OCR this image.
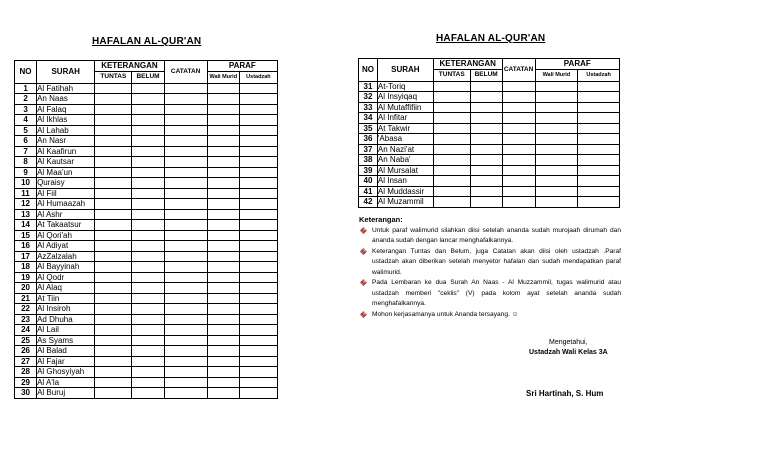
HAFALAN AL-QUR'AN
NO	SURAH	KETERANGAN		CATATAN	PARAF	
		TUNTAS	BELUM		Wali Murid	Ustadzah
1	Al Fatihah					
2	An Naas					
3	Al Falaq					
4	Al Ikhlas					
5	Al Lahab					
6	An Nasr					
7	Al Kaafirun					
8	Al Kautsar					
9	Al Maa'un					
10	Quraisy					
11	Al Fiil					
12	Al Humaazah					
13	Al Ashr					
14	At Takaatsur					
15	Al Qori'ah					
16	Al Adiyat					
17	AzZalzalah					
18	Al Bayyinah					
19	Al Qodr					
20	Al Alaq					
21	At Tiin					
22	Al Insiroh					
23	Ad Dhuha					
24	Al Lail					
25	As Syams					
26	Al Balad					
27	Al Fajar					
28	Al Ghosyiyah					
29	Al A'la					
30	Al Buruj					
HAFALAN AL-QUR'AN
NO	SURAH	KETERANGAN		CATATAN	PARAF	
		TUNTAS	BELUM		Wali Murid	Ustadzah
31	At-Toriq					
32	Al Insyiqaq					
33	Al Mutaffifiin					
34	Al Infitar					
35	At Takwir					
36	'Abasa					
37	An Nazi'at					
38	An Naba'					
39	Al Mursalat					
40	Al Insan					
41	Al Muddassir					
42	Al Muzammil					
Keterangan:
Untuk paraf walimurid silahkan diisi setelah ananda sudah murojaah dirumah dan ananda sudah dengan lancar menghafalkannya.
Keterangan Tuntas dan Belum, juga Catatan akan diisi oleh ustadzah .Paraf ustadzah akan diberikan setelah menyetor hafalan dan sudah mendapatkan paraf walimurid.
Pada Lembaran ke dua Surah An Naas - Al Muzzammil, tugas walimurid atau ustadzah memberi "ceklis" (V) pada kolom ayat setelah ananda sudah menghafalkannya.
Mohon kerjasamanya untuk Ananda tersayang. ☺
Mengetahui,
Ustadzah Wali Kelas 3A
Sri Hartinah, S. Hum
